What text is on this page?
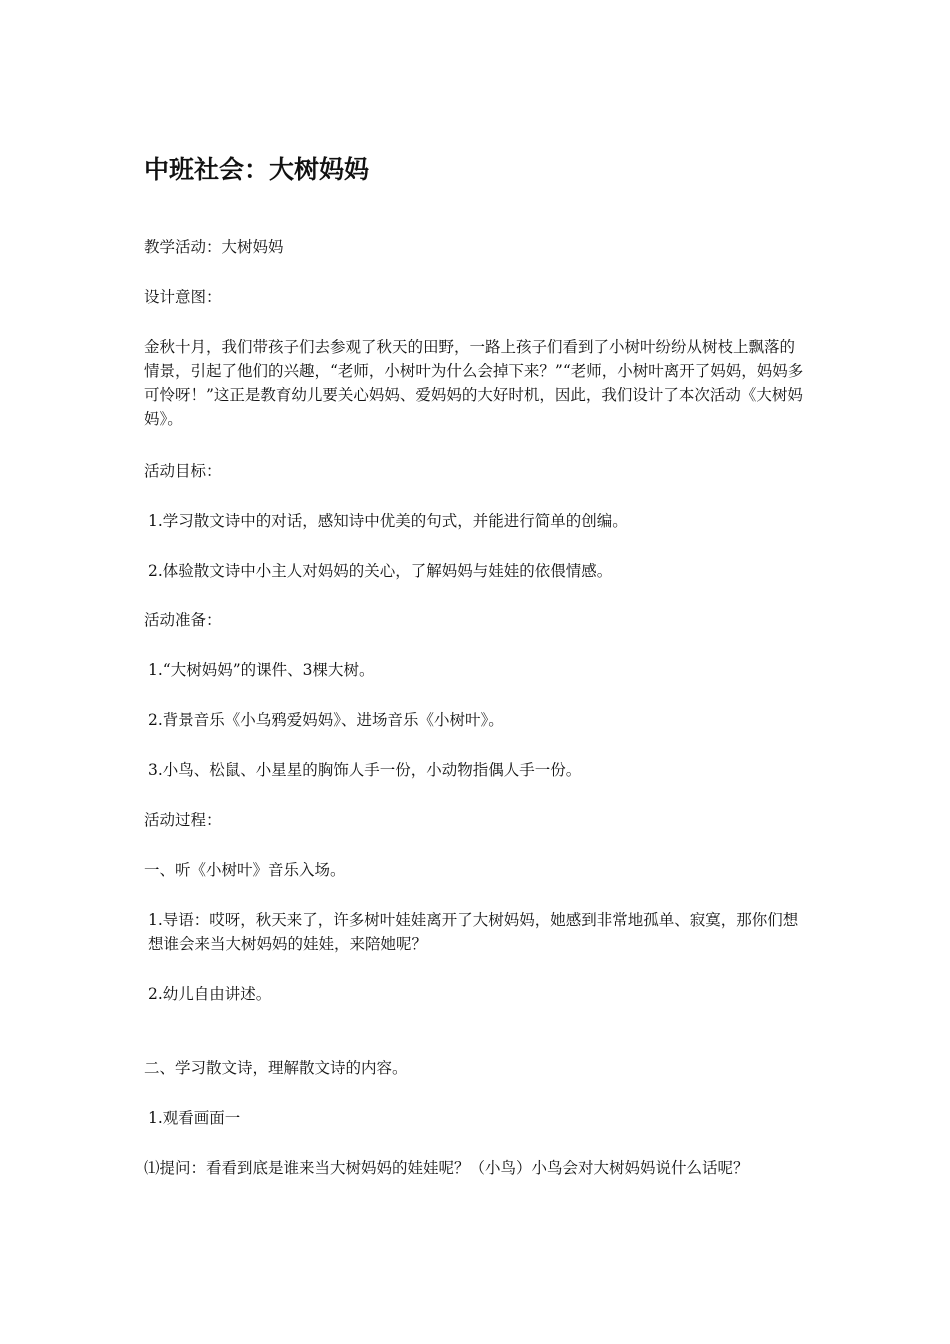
中班社会：大树妈妈
教学活动：大树妈妈
设计意图：
金秋十月，我们带孩子们去参观了秋天的田野，一路上孩子们看到了小树叶纷纷从树枝上飘落的情景，引起了他们的兴趣，“老师，小树叶为什么会掉下来？”“老师，小树叶离开了妈妈，妈妈多可怜呀！”这正是教育幼儿要关心妈妈、爱妈妈的大好时机，因此，我们设计了本次活动《大树妈妈》。
活动目标：
1.学习散文诗中的对话，感知诗中优美的句式，并能进行简单的创编。
2.体验散文诗中小主人对妈妈的关心，了解妈妈与娃娃的依偎情感。
活动准备：
1.“大树妈妈”的课件、3棵大树。
2.背景音乐《小乌鸦爱妈妈》、进场音乐《小树叶》。
3.小鸟、松鼠、小星星的胸饰人手一份，小动物指偶人手一份。
活动过程：
一、听《小树叶》音乐入场。
1.导语：哎呀，秋天来了，许多树叶娃娃离开了大树妈妈，她感到非常地孤单、寂寞，那你们想想谁会来当大树妈妈的娃娃，来陪她呢？
2.幼儿自由讲述。
二、学习散文诗，理解散文诗的内容。
1.观看画面一
⑴提问：看看到底是谁来当大树妈妈的娃娃呢？（小鸟）小鸟会对大树妈妈说什么话呢？
